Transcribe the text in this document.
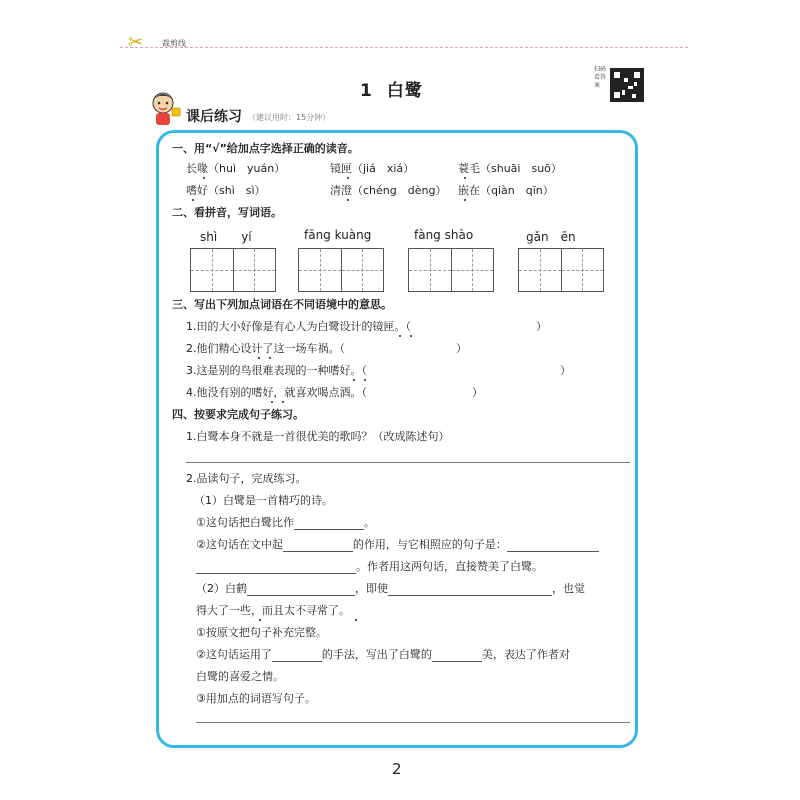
✂ 裁剪线
1 白鹭
扫码看答案
课后练习 （建议用时：15分钟）
一、用“√”给加点字选择正确的读音。
长喙（huì　yuán）	镜匣（jiá　xiá）	蓑毛（shuāi　suō）
嗜好（shì　sì）	清澄（chéng　dèng） 嵌在（qiàn　qīn）
二、看拼音，写词语。
shì　　yí	fāng kuàng	fàng shào	gǎn　ēn
三、写出下列加点词语在不同语境中的意思。
1.田的大小好像是有心人为白鹭设计的镜匣。（	）
2.他们精心设计了这一场车祸。（	）
3.这是别的鸟很难表现的一种嗜好。（	）
4.他没有别的嗜好，就喜欢喝点酒。（	）
四、按要求完成句子练习。
1.白鹭本身不就是一首很优美的歌吗？（改成陈述句）
2.品读句子，完成练习。
（1）白鹭是一首精巧的诗。
①这句话把白鹭比作	。
②这句话在文中起	的作用，与它相照应的句子是：
。作者用这两句话，直接赞美了白鹭。
（2）白鹤	，即使	，也觉
得大了一些，而且太不寻常了。
①按原文把句子补充完整。
②这句话运用了	的手法，写出了白鹭的	美，表达了作者对
白鹭的喜爱之情。
③用加点的词语写句子。
2
